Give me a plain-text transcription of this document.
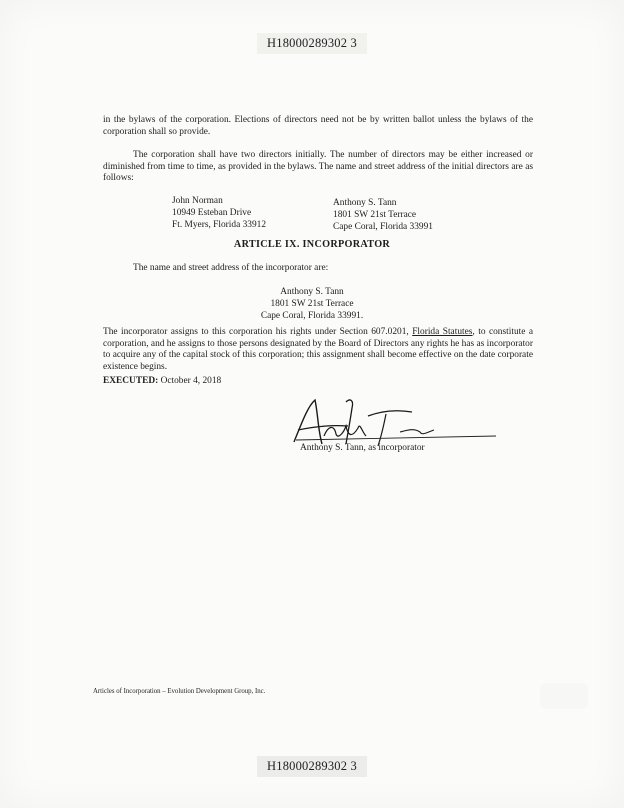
H18000289302 3
in the bylaws of the corporation. Elections of directors need not be by written ballot unless the bylaws of the corporation shall so provide.
The corporation shall have two directors initially. The number of directors may be either increased or diminished from time to time, as provided in the bylaws. The name and street address of the initial directors are as follows:
John Norman
10949 Esteban Drive
Ft. Myers, Florida 33912
Anthony S. Tann
1801 SW 21st Terrace
Cape Coral, Florida 33991
ARTICLE IX. INCORPORATOR
The name and street address of the incorporator are:
Anthony S. Tann
1801 SW 21st Terrace
Cape Coral, Florida 33991.
The incorporator assigns to this corporation his rights under Section 607.0201, Florida Statutes, to constitute a corporation, and he assigns to those persons designated by the Board of Directors any rights he has as incorporator to acquire any of the capital stock of this corporation; this assignment shall become effective on the date corporate existence begins.
EXECUTED: October 4, 2018
Anthony S. Tann, as incorporator
Articles of Incorporation – Evolution Development Group, Inc.
H18000289302 3
